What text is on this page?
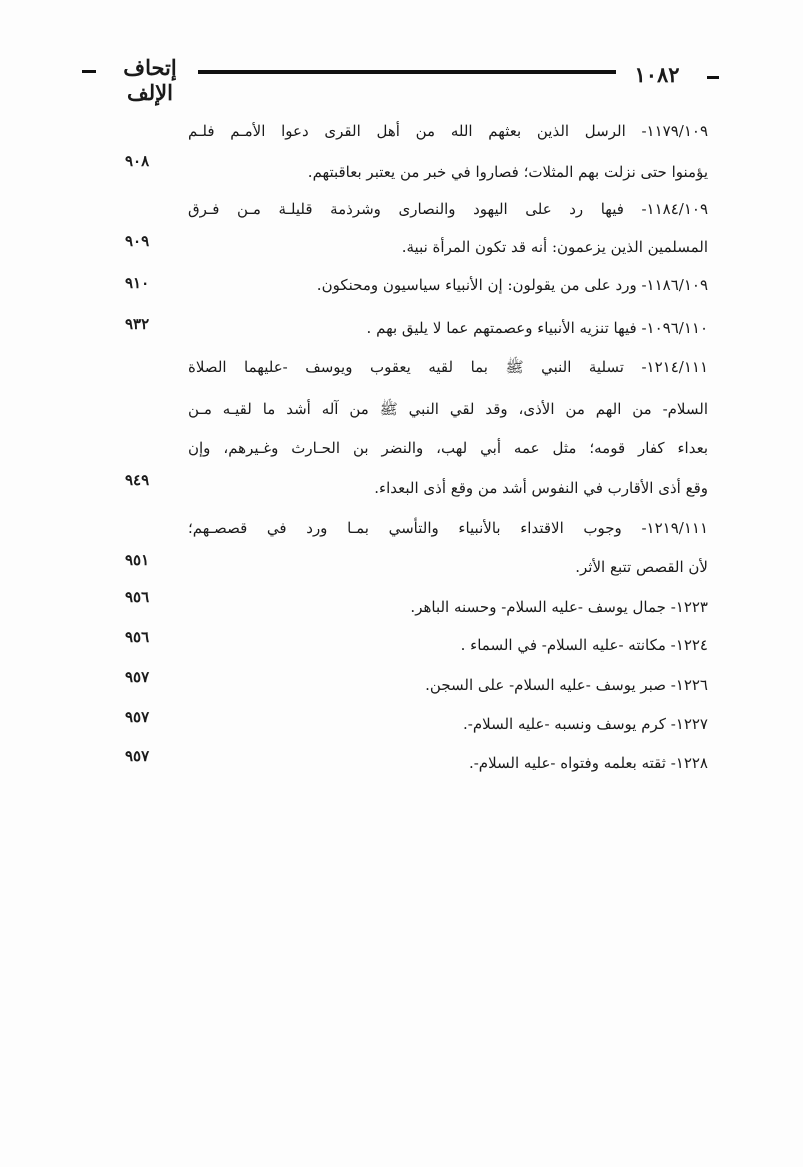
١٠٨٢
إتحاف الإلف
١١٧٩/١٠٩- الرسل الذين بعثهم الله من أهل القرى دعوا الأمـم فلـم
يؤمنوا حتى نزلت بهم المثلات؛ فصاروا في خبر من يعتبر بعاقبتهم.
٩٠٨
١١٨٤/١٠٩- فيها رد على اليهود والنصارى وشرذمة قليلـة مـن فـرق
المسلمين الذين يزعمون: أنه قد تكون المرأة نبية.
٩٠٩
١١٨٦/١٠٩- ورد على من يقولون: إن الأنبياء سياسيون ومحنكون.
٩١٠
١٠٩٦/١١٠- فيها تنزيه الأنبياء وعصمتهم عما لا يليق بهم .
٩٣٢
١٢١٤/١١١- تسلية النبي ﷺ بما لقيه يعقوب ويوسف -عليهما الصلاة
السلام- من الهم من الأذى، وقد لقي النبي ﷺ من آله أشد ما لقيـه مـن
بعداء كفار قومه؛ مثل عمه أبي لهب، والنضر بن الحـارث وغـيرهم، وإن
وقع أذى الأقارب في النفوس أشد من وقع أذى البعداء.
٩٤٩
١٢١٩/١١١- وجوب الاقتداء بالأنبياء والتأسي بمـا ورد في قصصـهم؛
لأن القصص تتبع الأثر.
٩٥١
١٢٢٣- جمال يوسف -عليه السلام- وحسنه الباهر.
٩٥٦
١٢٢٤- مكانته -عليه السلام- في السماء .
٩٥٦
١٢٢٦- صبر يوسف -عليه السلام- على السجن.
٩٥٧
١٢٢٧- كرم يوسف ونسبه -عليه السلام-.
٩٥٧
١٢٢٨- ثقته بعلمه وفتواه -عليه السلام-.
٩٥٧
